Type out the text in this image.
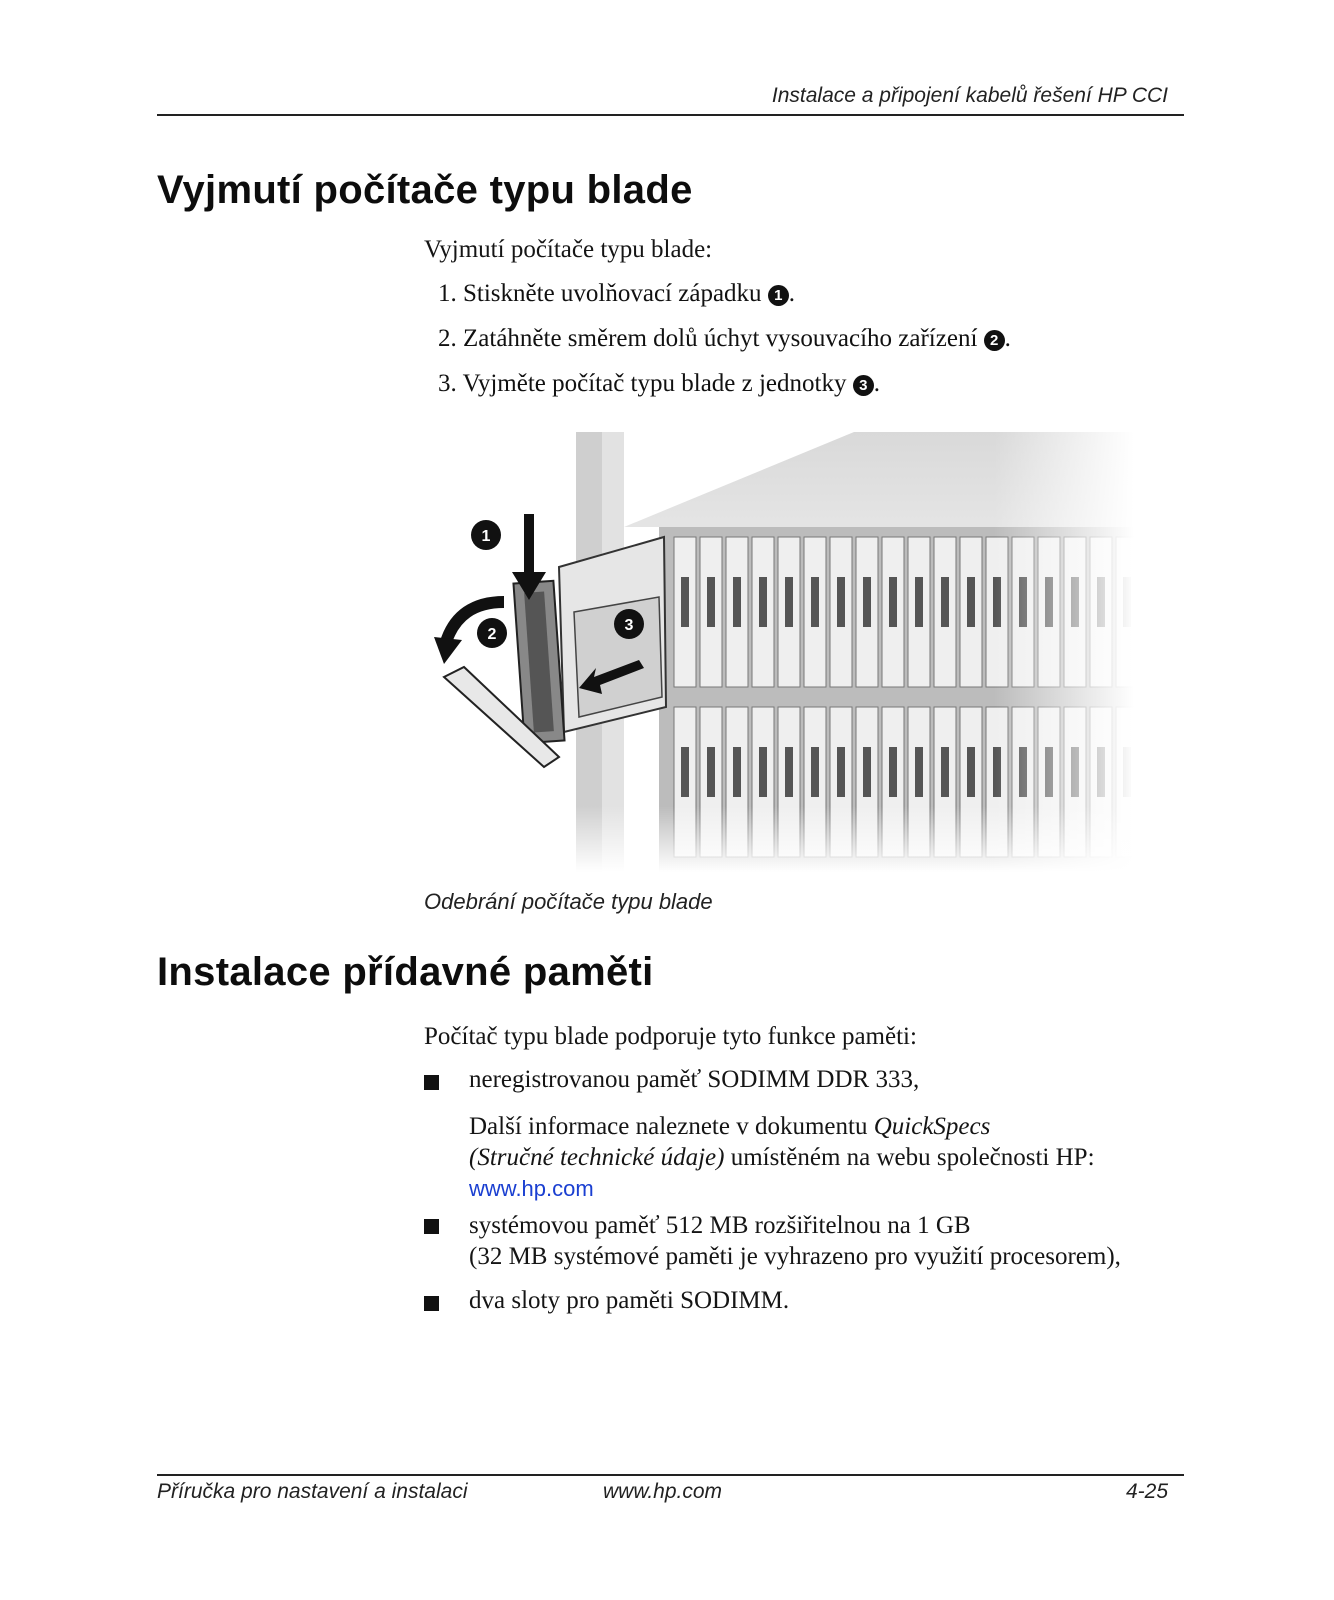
Instalace a připojení kabelů řešení HP CCI
Vyjmutí počítače typu blade
Vyjmutí počítače typu blade:
1. Stiskněte uvolňovací západku 1 .
2. Zatáhněte směrem dolů úchyt vysouvacího zařízení 2 .
3. Vyjměte počítač typu blade z jednotky 3 .
Odebrání počítače typu blade
Instalace přídavné paměti
Počítač typu blade podporuje tyto funkce paměti:
neregistrovanou paměť SODIMM DDR 333,
Další informace naleznete v dokumentu QuickSpecs
(Stručné technické údaje) umístěném na webu společnosti HP:
www.hp.com
systémovou paměť 512 MB rozšiřitelnou na 1 GB
(32 MB systémové paměti je vyhrazeno pro využití procesorem),
dva sloty pro paměti SODIMM.
Příručka pro nastavení a instalaci	www.hp.com	4-25
